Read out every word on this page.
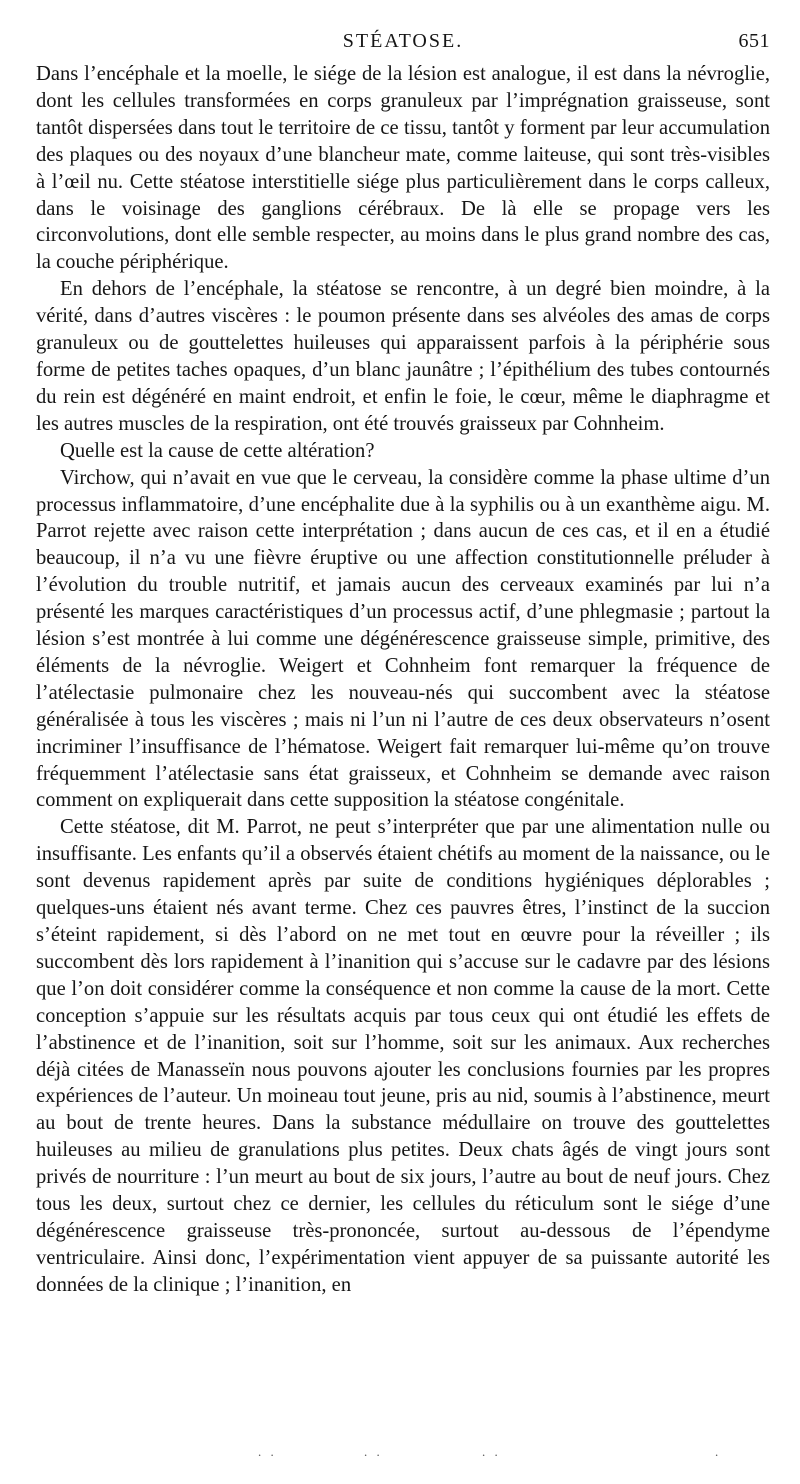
STÉATOSE.	651

Dans l’encéphale et la moelle, le siége de la lésion est analogue, il est dans la névroglie, dont les cellules transformées en corps granuleux par l’imprégnation graisseuse, sont tantôt dispersées dans tout le territoire de ce tissu, tantôt y forment par leur accumulation des plaques ou des noyaux d’une blancheur mate, comme laiteuse, qui sont très-visibles à l’œil nu. Cette stéatose interstitielle siége plus particulièrement dans le corps calleux, dans le voisinage des ganglions cérébraux. De là elle se propage vers les circonvolutions, dont elle semble respecter, au moins dans le plus grand nombre des cas, la couche périphérique.

En dehors de l’encéphale, la stéatose se rencontre, à un degré bien moindre, à la vérité, dans d’autres viscères : le poumon présente dans ses alvéoles des amas de corps granuleux ou de gouttelettes huileuses qui apparaissent parfois à la périphérie sous forme de petites taches opaques, d’un blanc jaunâtre ; l’épithélium des tubes contournés du rein est dégénéré en maint endroit, et enfin le foie, le cœur, même le diaphragme et les autres muscles de la respiration, ont été trouvés graisseux par Cohnheim.

Quelle est la cause de cette altération?

Virchow, qui n’avait en vue que le cerveau, la considère comme la phase ultime d’un processus inflammatoire, d’une encéphalite due à la syphilis ou à un exanthème aigu. M. Parrot rejette avec raison cette interprétation ; dans aucun de ces cas, et il en a étudié beaucoup, il n’a vu une fièvre éruptive ou une affection constitutionnelle préluder à l’évolution du trouble nutritif, et jamais aucun des cerveaux examinés par lui n’a présenté les marques caractéristiques d’un processus actif, d’une phlegmasie ; partout la lésion s’est montrée à lui comme une dégénérescence graisseuse simple, primitive, des éléments de la névroglie. Weigert et Cohnheim font remarquer la fréquence de l’atélectasie pulmonaire chez les nouveau-nés qui succombent avec la stéatose généralisée à tous les viscères ; mais ni l’un ni l’autre de ces deux observateurs n’osent incriminer l’insuffisance de l’hématose. Weigert fait remarquer lui-même qu’on trouve fréquemment l’atélectasie sans état graisseux, et Cohnheim se demande avec raison comment on expliquerait dans cette supposition la stéatose congénitale.

Cette stéatose, dit M. Parrot, ne peut s’interpréter que par une alimentation nulle ou insuffisante. Les enfants qu’il a observés étaient chétifs au moment de la naissance, ou le sont devenus rapidement après par suite de conditions hygiéniques déplorables ; quelques-uns étaient nés avant terme. Chez ces pauvres êtres, l’instinct de la succion s’éteint rapidement, si dès l’abord on ne met tout en œuvre pour la réveiller ; ils succombent dès lors rapidement à l’inanition qui s’accuse sur le cadavre par des lésions que l’on doit considérer comme la conséquence et non comme la cause de la mort. Cette conception s’appuie sur les résultats acquis par tous ceux qui ont étudié les effets de l’abstinence et de l’inanition, soit sur l’homme, soit sur les animaux. Aux recherches déjà citées de Manasseïn nous pouvons ajouter les conclusions fournies par les propres expériences de l’auteur. Un moineau tout jeune, pris au nid, soumis à l’abstinence, meurt au bout de trente heures. Dans la substance médullaire on trouve des gouttelettes huileuses au milieu de granulations plus petites. Deux chats âgés de vingt jours sont privés de nourriture : l’un meurt au bout de six jours, l’autre au bout de neuf jours. Chez tous les deux, surtout chez ce dernier, les cellules du réticulum sont le siége d’une dégénérescence graisseuse très-prononcée, surtout au-dessous de l’épendyme ventriculaire. Ainsi donc, l’expérimentation vient appuyer de sa puissante autorité les données de la clinique ; l’inanition, en

. .	. .	. .	.
